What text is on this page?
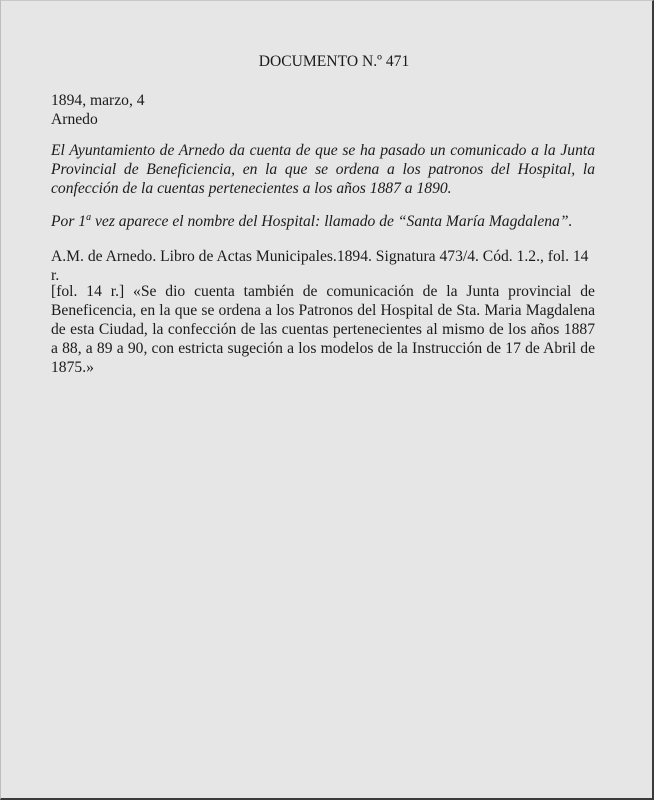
DOCUMENTO N.º 471
1894, marzo, 4
Arnedo
El Ayuntamiento de Arnedo da cuenta de que se ha pasado un comunicado a la Junta Provincial de Beneficiencia, en la que se ordena a los patronos del Hospital, la confección de la cuentas pertenecientes a los años 1887 a 1890.
Por 1$^a$ vez aparece el nombre del Hospital: llamado de “Santa María Magdalena”.
A.M. de Arnedo. Libro de Actas Municipales.1894. Signatura 473/4. Cód. 1.2., fol. 14 r.
[fol. 14 r.] «Se dio cuenta también de comunicación de la Junta provincial de Beneficencia, en la que se ordena a los Patronos del Hospital de Sta. Maria Magdalena de esta Ciudad, la confección de las cuentas pertenecientes al mismo de los años 1887 a 88, a 89 a 90, con estricta sugeción a los modelos de la Instrucción de 17 de Abril de 1875.»
